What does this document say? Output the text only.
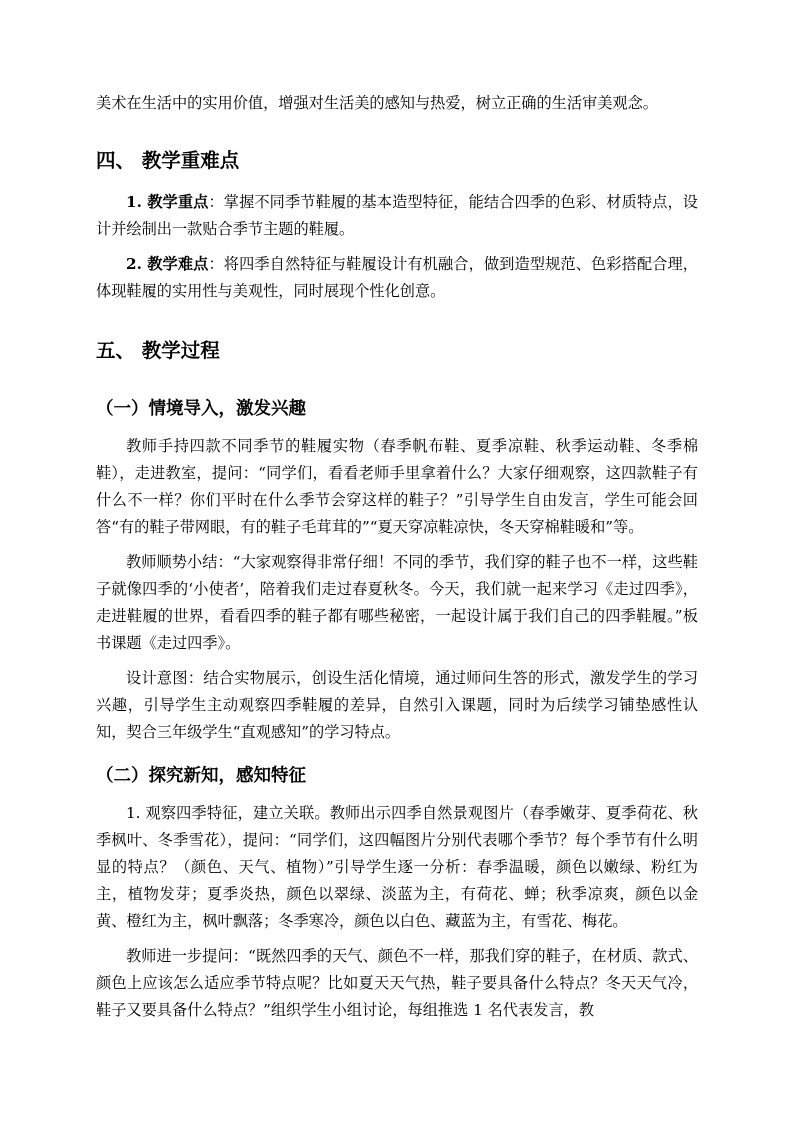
美术在生活中的实用价值，增强对生活美的感知与热爱，树立正确的生活审美观念。

四、 教学重难点

1. 教学重点：掌握不同季节鞋履的基本造型特征，能结合四季的色彩、材质特点，设计并绘制出一款贴合季节主题的鞋履。

2. 教学难点：将四季自然特征与鞋履设计有机融合，做到造型规范、色彩搭配合理，体现鞋履的实用性与美观性，同时展现个性化创意。

五、 教学过程
（一）情境导入，激发兴趣

教师手持四款不同季节的鞋履实物（春季帆布鞋、夏季凉鞋、秋季运动鞋、冬季棉鞋），走进教室，提问：“同学们，看看老师手里拿着什么？大家仔细观察，这四款鞋子有什么不一样？你们平时在什么季节会穿这样的鞋子？”引导学生自由发言，学生可能会回答“有的鞋子带网眼，有的鞋子毛茸茸的”“夏天穿凉鞋凉快，冬天穿棉鞋暖和”等。

教师顺势小结：“大家观察得非常仔细！不同的季节，我们穿的鞋子也不一样，这些鞋子就像四季的‘小使者’，陪着我们走过春夏秋冬。今天，我们就一起来学习《走过四季》，走进鞋履的世界，看看四季的鞋子都有哪些秘密，一起设计属于我们自己的四季鞋履。”板书课题《走过四季》。

设计意图：结合实物展示，创设生活化情境，通过师问生答的形式，激发学生的学习兴趣，引导学生主动观察四季鞋履的差异，自然引入课题，同时为后续学习铺垫感性认知，契合三年级学生“直观感知”的学习特点。

（二）探究新知，感知特征

1. 观察四季特征，建立关联。教师出示四季自然景观图片（春季嫩芽、夏季荷花、秋季枫叶、冬季雪花），提问：“同学们，这四幅图片分别代表哪个季节？每个季节有什么明显的特点？（颜色、天气、植物）”引导学生逐一分析：春季温暖，颜色以嫩绿、粉红为主，植物发芽；夏季炎热，颜色以翠绿、淡蓝为主，有荷花、蝉；秋季凉爽，颜色以金黄、橙红为主，枫叶飘落；冬季寒冷，颜色以白色、藏蓝为主，有雪花、梅花。

教师进一步提问：“既然四季的天气、颜色不一样，那我们穿的鞋子，在材质、款式、颜色上应该怎么适应季节特点呢？比如夏天天气热，鞋子要具备什么特点？冬天天气冷，鞋子又要具备什么特点？”组织学生小组讨论，每组推选 1 名代表发言，教
